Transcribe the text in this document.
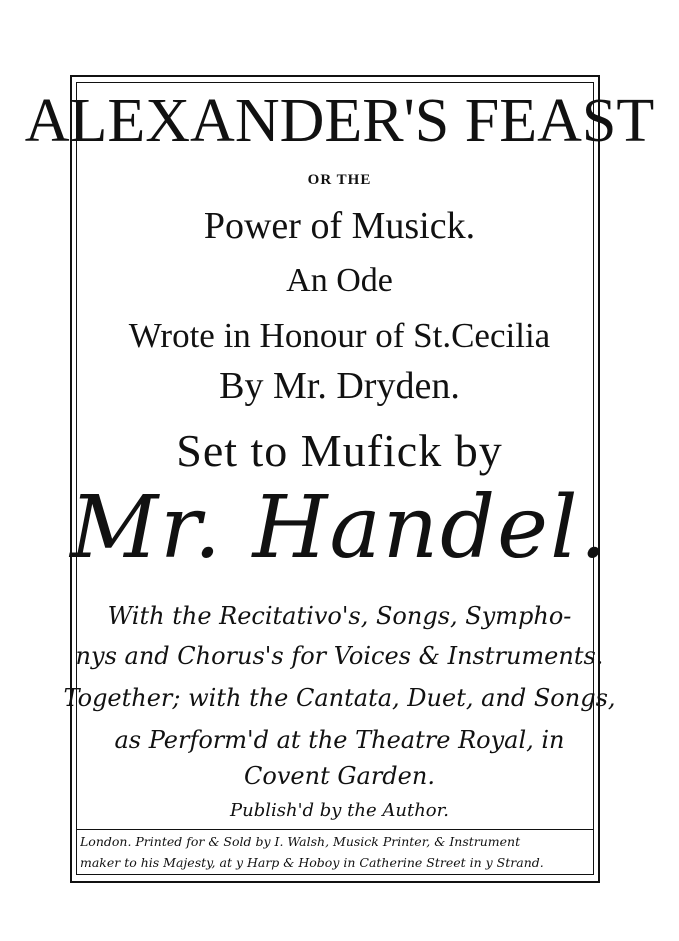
ALEXANDER'S FEAST
OR THE
Power of Musick.
An Ode
Wrote in Honour of St.Cecilia
By Mr. Dryden.
Set to Mufick by
Mr. Handel.
With the Recitativo's, Songs, Sympho-
nys and Chorus's for Voices & Instruments.
Together; with the Cantata, Duet, and Songs,
as Perform'd at the Theatre Royal, in
Covent Garden.
Publish'd by the Author.
London. Printed for & Sold by I. Walsh, Musick Printer, & Instrument
maker to his Majesty, at y Harp & Hoboy in Catherine Street in y Strand.
